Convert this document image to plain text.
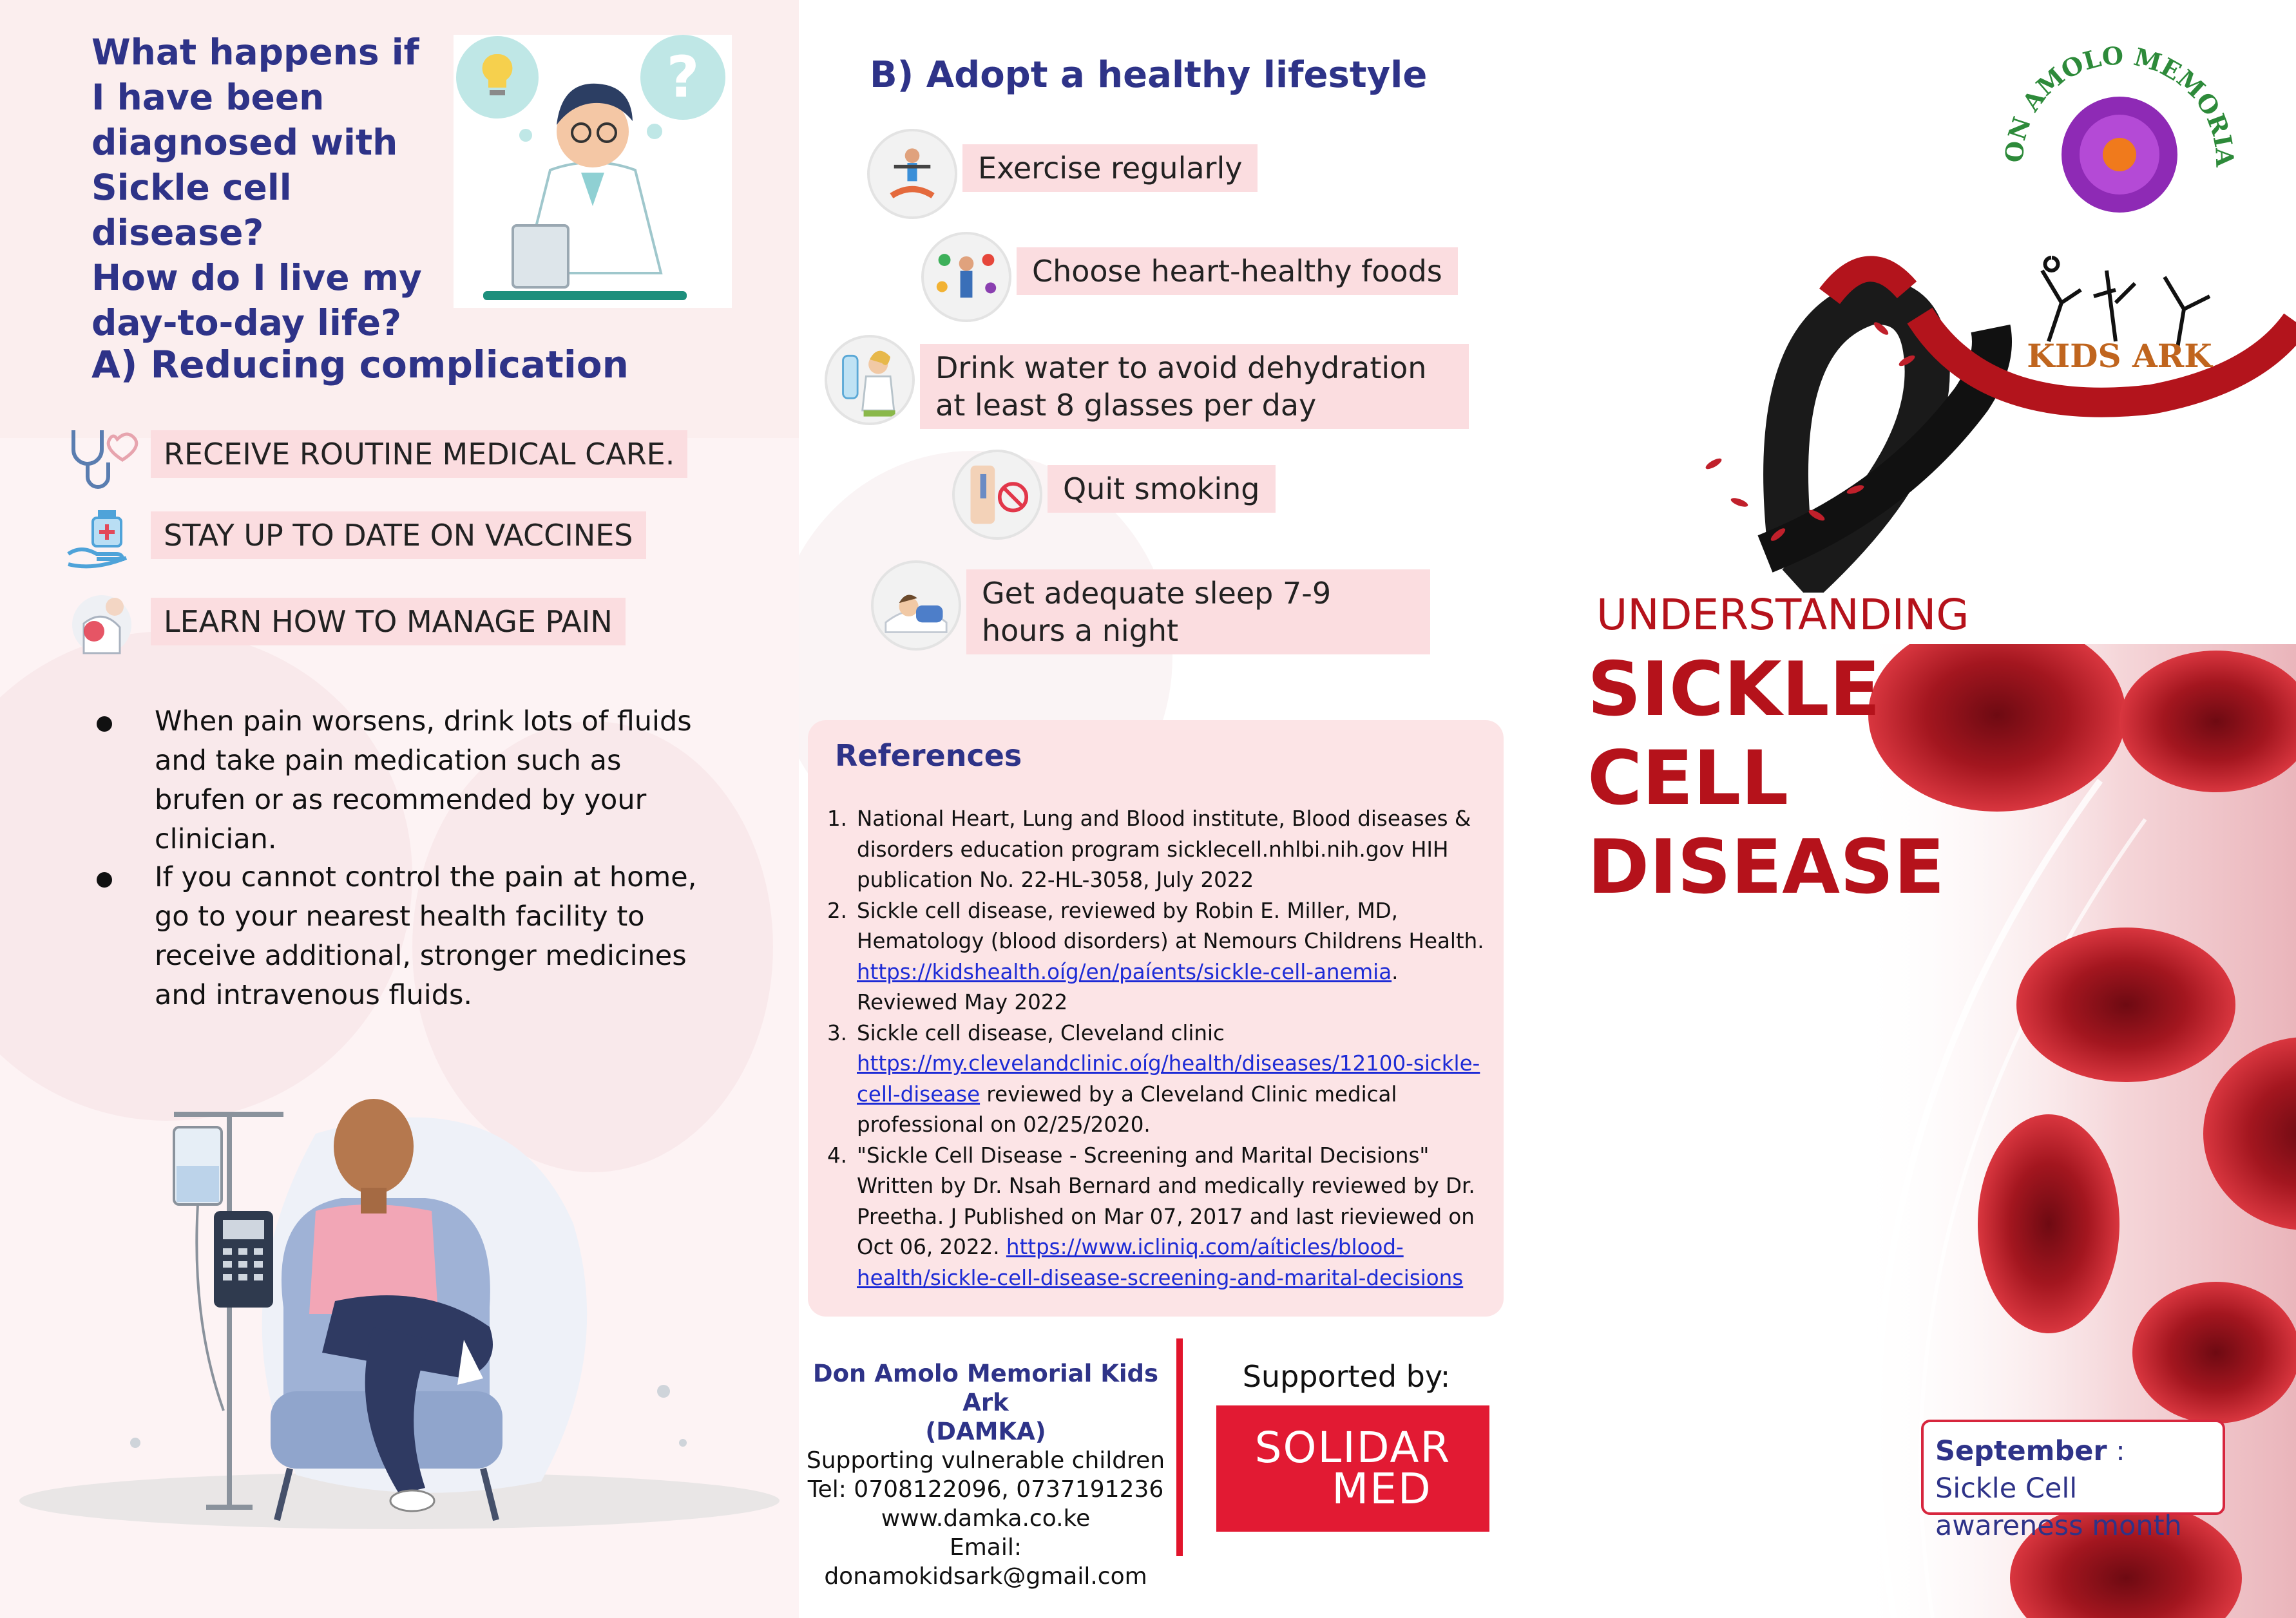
What happens if
I have been
diagnosed with
Sickle cell disease?
How do I live my
day-to-day life?
?
A) Reducing complication
RECEIVE ROUTINE MEDICAL CARE.
STAY UP TO DATE ON VACCINES
LEARN HOW TO MANAGE PAIN

When pain worsens, drink lots of fluids and take pain medication such as brufen or as recommended by your clinician.

If you cannot control the pain at home, go to your nearest health facility to receive additional, stronger medicines and intravenous fluids.

B) Adopt a healthy lifestyle
Exercise regularly
Choose heart-healthy foods
Drink water to avoid dehydration at least 8 glasses per day
Quit smoking
Get adequate sleep 7-9 hours a night
References
1. National Heart, Lung and Blood institute, Blood diseases & disorders education program sicklecell.nhlbi.nih.gov HIH publication No. 22-HL-3058, July 2022
2. Sickle cell disease, reviewed by Robin E. Miller, MD, Hematology (blood disorders) at Nemours Childrens Health. https://kidshealth.oíg/en/paíents/sickle-cell-anemia. Reviewed May 2022
3. Sickle cell disease, Cleveland clinic https://my.clevelandclinic.oíg/health/diseases/12100-sickle-cell-disease reviewed by a Cleveland Clinic medical professional on 02/25/2020.
4. "Sickle Cell Disease - Screening and Marital Decisions" Written by Dr. Nsah Bernard and medically reviewed by Dr. Preetha. J Published on Mar 07, 2017 and last rieviewed on Oct 06, 2022. https://www.icliniq.com/aíticles/blood- health/sickle-cell-disease-screening-and-marital-decisions
Don Amolo Memorial Kids Ark
(DAMKA)
Supporting vulnerable children
Tel: 0708122096, 0737191236
www.damka.co.ke
Email: donamokidsark@gmail.com
Supported by:
SOLIDAR
MED
ON AMOLO MEMORIA
KIDS ARK
UNDERSTANDING
SICKLE CELL
DISEASE
September : Sickle Cell awareness month
